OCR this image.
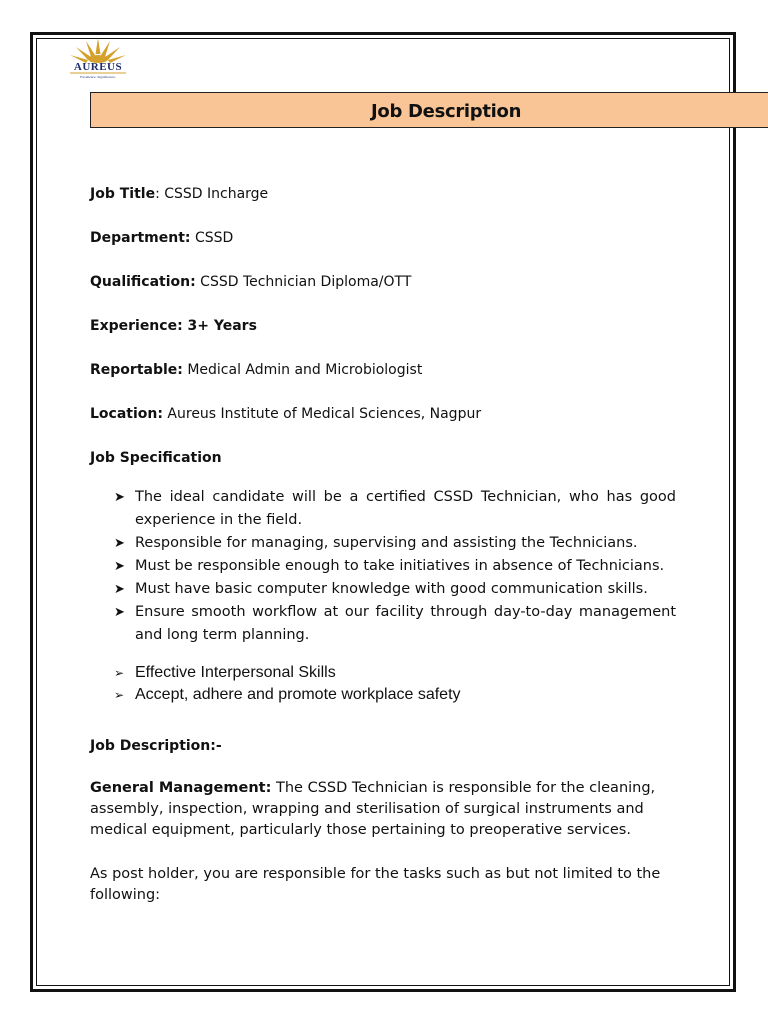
AUREUS
Excellence. Significance.
Job Description
Job Title: CSSD Incharge
Department: CSSD
Qualification: CSSD Technician Diploma/OTT
Experience: 3+ Years
Reportable: Medical Admin and Microbiologist
Location: Aureus Institute of Medical Sciences, Nagpur
Job Specification
➤ The ideal candidate will be a certified CSSD Technician, who has good experience in the field.
➤ Responsible for managing, supervising and assisting the Technicians.
➤ Must be responsible enough to take initiatives in absence of Technicians.
➤ Must have basic computer knowledge with good communication skills.
➤ Ensure smooth workflow at our facility through day-to-day management and long term planning.
➢ Effective Interpersonal Skills
➢ Accept, adhere and promote workplace safety
Job Description:-
General Management: The CSSD Technician is responsible for the cleaning, assembly, inspection, wrapping and sterilisation of surgical instruments and medical equipment, particularly those pertaining to preoperative services.
As post holder, you are responsible for the tasks such as but not limited to the following:
